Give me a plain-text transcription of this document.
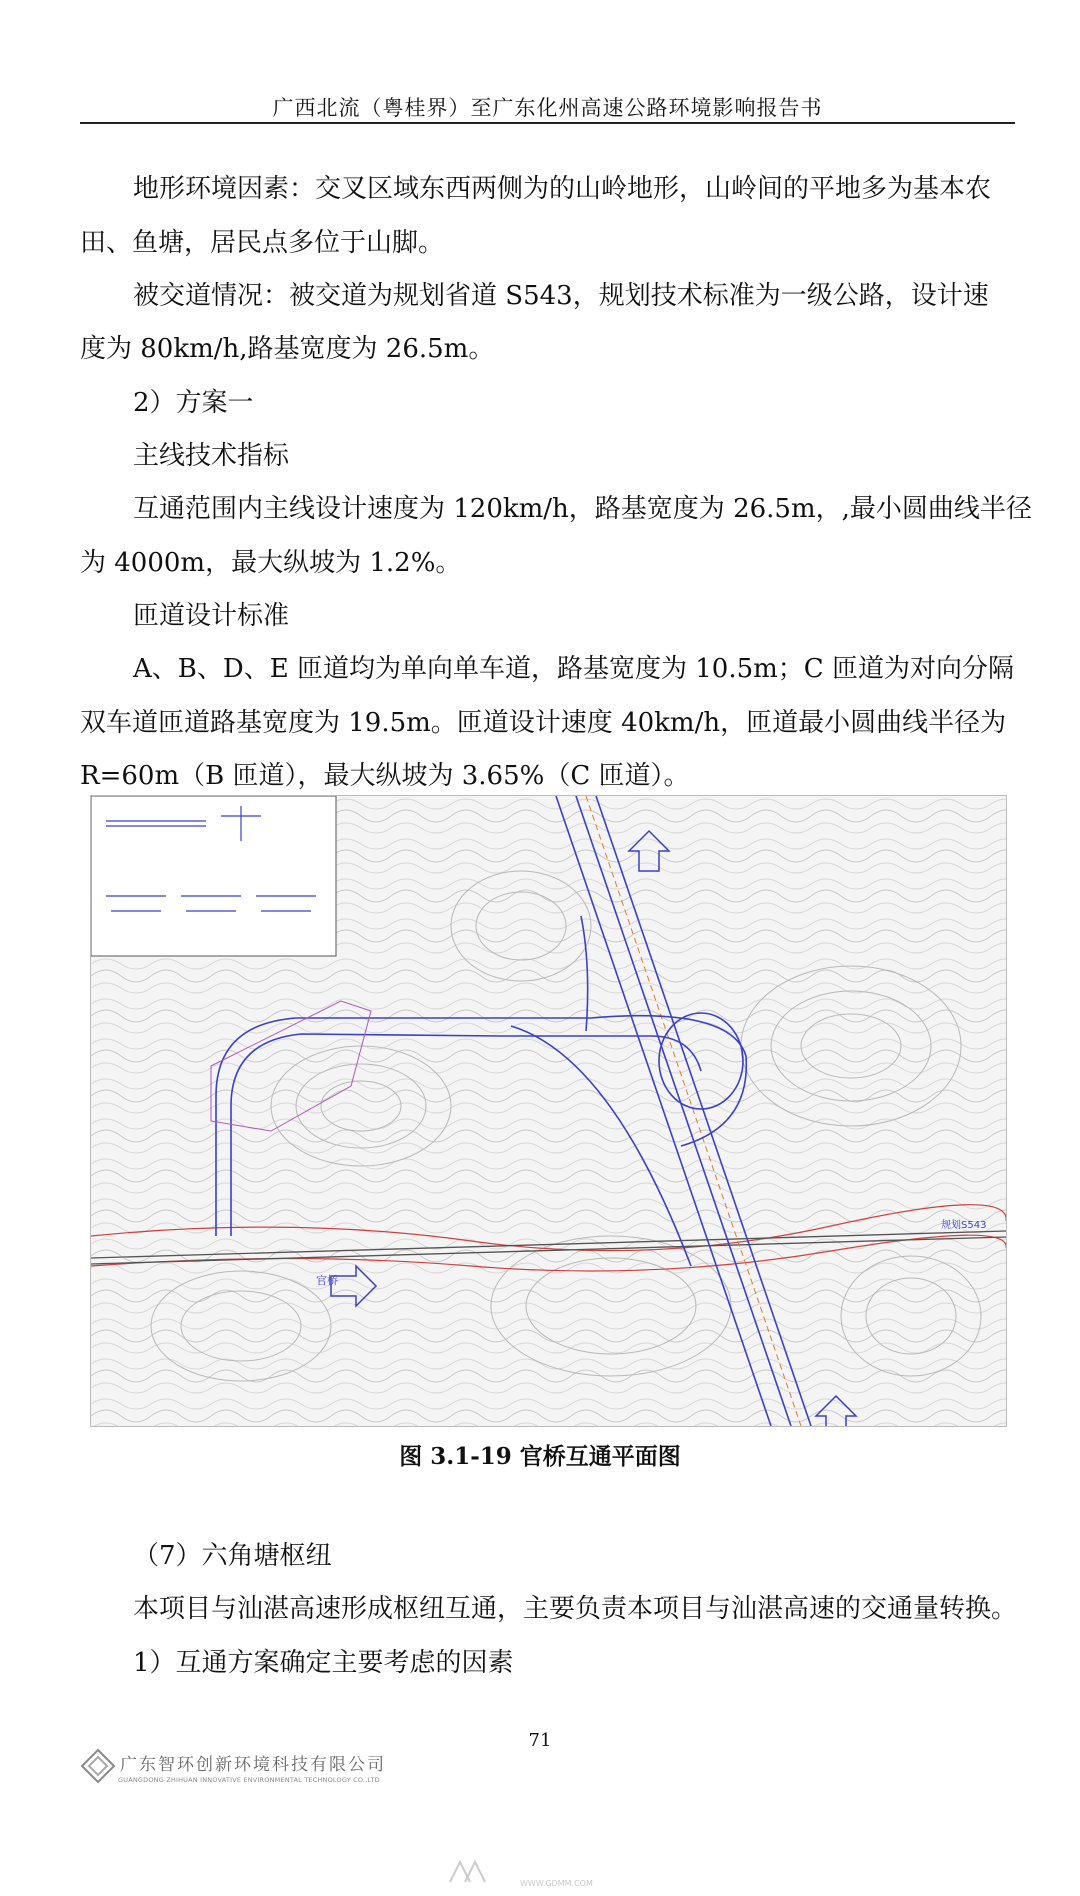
广西北流（粤桂界）至广东化州高速公路环境影响报告书
地形环境因素：交叉区域东西两侧为的山岭地形，山岭间的平地多为基本农
田、鱼塘，居民点多位于山脚。
被交道情况：被交道为规划省道 S543，规划技术标准为一级公路，设计速
度为 80km/h,路基宽度为 26.5m。
2）方案一
主线技术指标
互通范围内主线设计速度为 120km/h，路基宽度为 26.5m，,最小圆曲线半径
为 4000m，最大纵坡为 1.2%。
匝道设计标准
A、B、D、E 匝道均为单向单车道，路基宽度为 10.5m；C 匝道为对向分隔
双车道匝道路基宽度为 19.5m。匝道设计速度 40km/h，匝道最小圆曲线半径为
R=60m（B 匝道），最大纵坡为 3.65%（C 匝道）。
官桥
规划S543
图 3.1-19 官桥互通平面图
（7）六角塘枢纽
本项目与汕湛高速形成枢纽互通，主要负责本项目与汕湛高速的交通量转换。
1）互通方案确定主要考虑的因素
71
广东智环创新环境科技有限公司
GUANGDONG ZHIHUAN INNOVATIVE ENVIRONMENTAL TECHNOLOGY CO.,LTD
WWW.GDMM.COM
